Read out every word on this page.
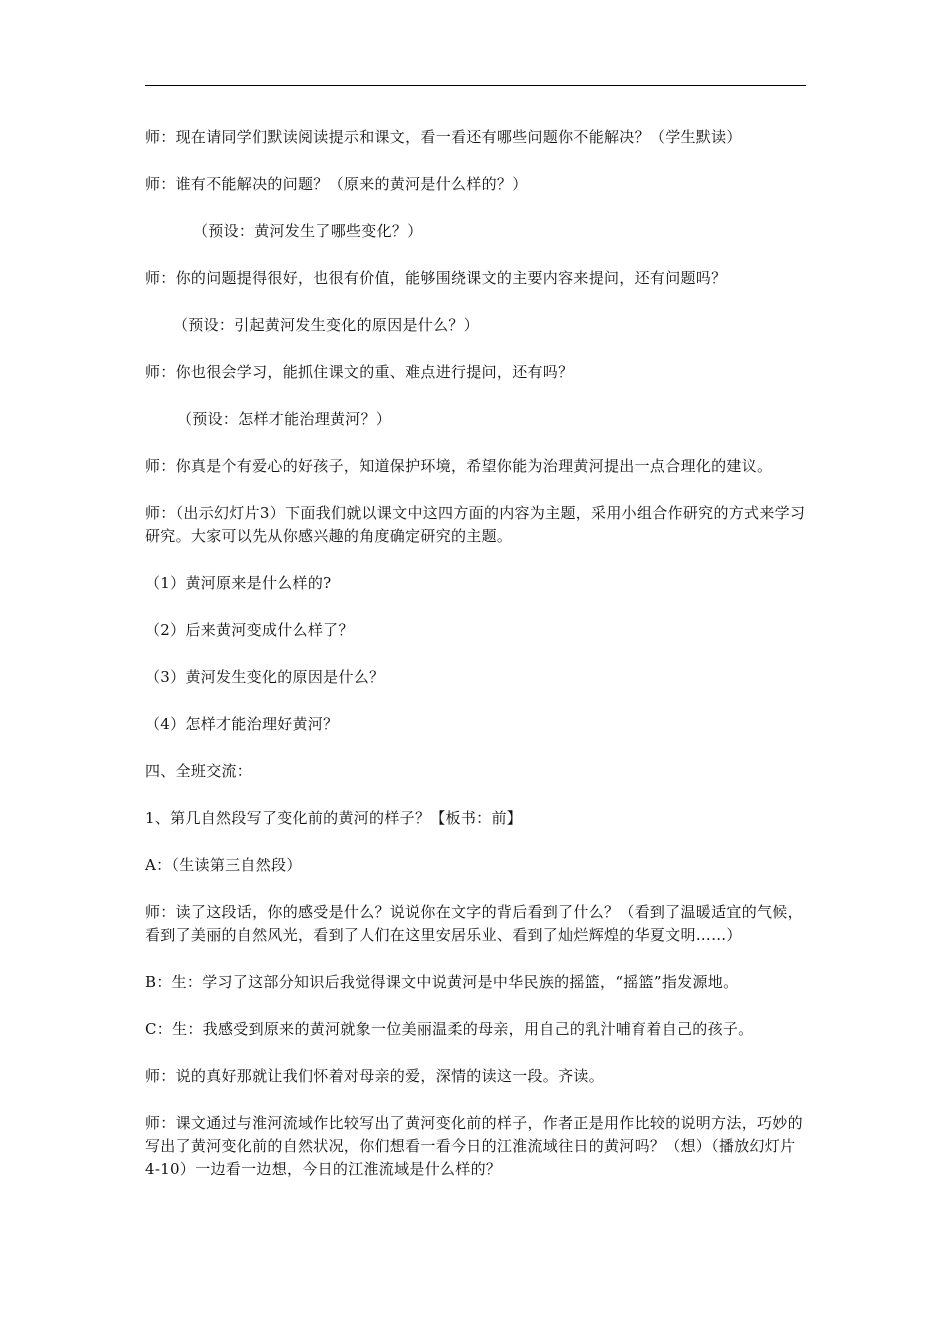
师：现在请同学们默读阅读提示和课文，看一看还有哪些问题你不能解决？（学生默读）

师：谁有不能解决的问题？（原来的黄河是什么样的？）

（预设：黄河发生了哪些变化？）

师：你的问题提得很好，也很有价值，能够围绕课文的主要内容来提问，还有问题吗？

（预设：引起黄河发生变化的原因是什么？）

师：你也很会学习，能抓住课文的重、难点进行提问，还有吗？

（预设：怎样才能治理黄河？）

师：你真是个有爱心的好孩子，知道保护环境，希望你能为治理黄河提出一点合理化的建议。

师：（出示幻灯片3）下面我们就以课文中这四方面的内容为主题，采用小组合作研究的方式来学习研究。大家可以先从你感兴趣的角度确定研究的主题。

（1）黄河原来是什么样的?

（2）后来黄河变成什么样了？

（3）黄河发生变化的原因是什么？

（4）怎样才能治理好黄河？

四、全班交流：

1、第几自然段写了变化前的黄河的样子？【板书：前】

A：（生读第三自然段）

师：读了这段话，你的感受是什么？说说你在文字的背后看到了什么？（看到了温暖适宜的气候，看到了美丽的自然风光，看到了人们在这里安居乐业、看到了灿烂辉煌的华夏文明……）

B：生：学习了这部分知识后我觉得课文中说黄河是中华民族的摇篮，“摇篮”指发源地。

C：生：我感受到原来的黄河就象一位美丽温柔的母亲，用自己的乳汁哺育着自己的孩子。

师：说的真好那就让我们怀着对母亲的爱，深情的读这一段。齐读。

师：课文通过与淮河流域作比较写出了黄河变化前的样子，作者正是用作比较的说明方法，巧妙的写出了黄河变化前的自然状况，你们想看一看今日的江淮流域往日的黄河吗？（想）（播放幻灯片4-10）一边看一边想，今日的江淮流域是什么样的？
